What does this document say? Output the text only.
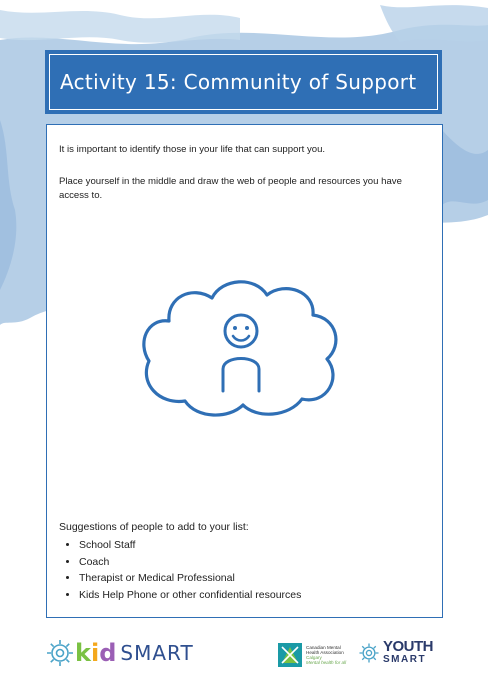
Activity 15: Community of Support

It is important to identify those in your life that can support you.

Place yourself in the middle and draw the web of people and resources you have access to.

Suggestions of people to add to your list:

• School Staff
• Coach
• Therapist or Medical Professional
• Kids Help Phone or other confidential resources
k i d SMART	Canadian Mental
Health Association
Calgary
Mental health for all
YOUTH
SMART
